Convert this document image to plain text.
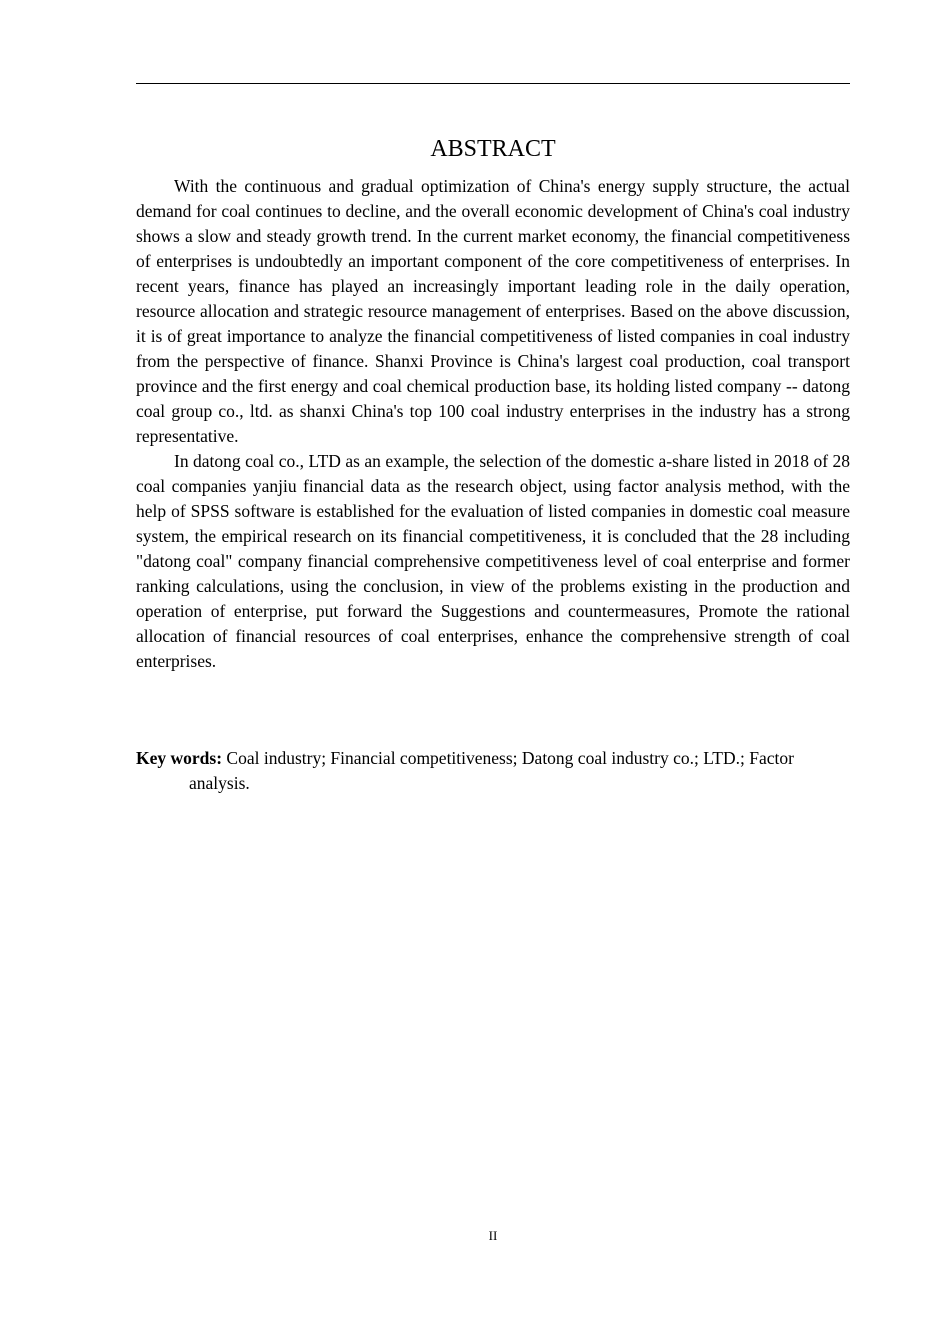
ABSTRACT

With the continuous and gradual optimization of China's energy supply structure, the actual demand for coal continues to decline, and the overall economic development of China's coal industry shows a slow and steady growth trend. In the current market economy, the financial competitiveness of enterprises is undoubtedly an important component of the core competitiveness of enterprises. In recent years, finance has played an increasingly important leading role in the daily operation, resource allocation and strategic resource management of enterprises. Based on the above discussion, it is of great importance to analyze the financial competitiveness of listed companies in coal industry from the perspective of finance. Shanxi Province is China's largest coal production, coal transport province and the first energy and coal chemical production base, its holding listed company -- datong coal group co., ltd. as shanxi China's top 100 coal industry enterprises in the industry has a strong representative.

In datong coal co., LTD as an example, the selection of the domestic a-share listed in 2018 of 28 coal companies yanjiu financial data as the research object, using factor analysis method, with the help of SPSS software is established for the evaluation of listed companies in domestic coal measure system, the empirical research on its financial competitiveness, it is concluded that the 28 including "datong coal" company financial comprehensive competitiveness level of coal enterprise and former ranking calculations, using the conclusion, in view of the problems existing in the production and operation of enterprise, put forward the Suggestions and countermeasures, Promote the rational allocation of financial resources of coal enterprises, enhance the comprehensive strength of coal enterprises.

Key words: Coal industry; Financial competitiveness; Datong coal industry co.; LTD.; Factor analysis.

II
